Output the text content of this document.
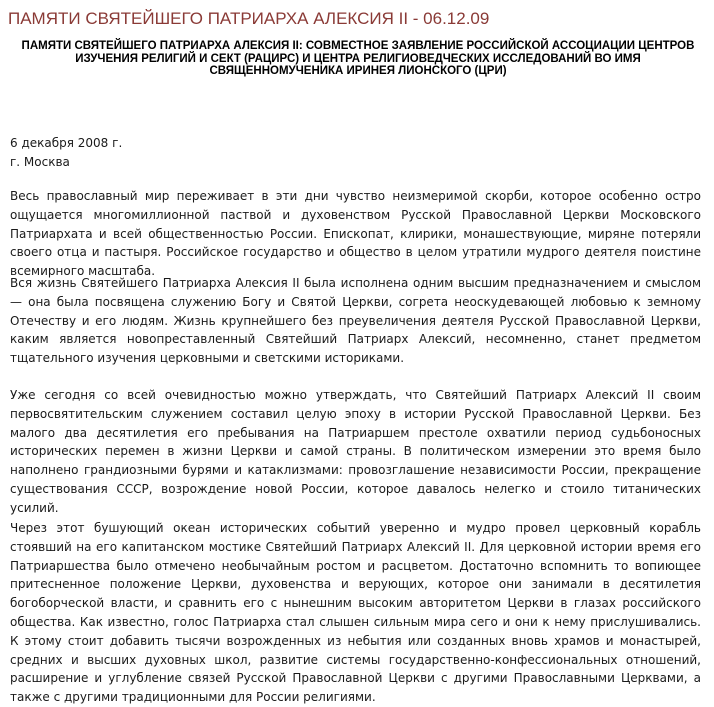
ПАМЯТИ СВЯТЕЙШЕГО ПАТРИАРХА АЛЕКСИЯ II - 06.12.09
ПАМЯТИ СВЯТЕЙШЕГО ПАТРИАРХА АЛЕКСИЯ II: СОВМЕСТНОЕ ЗАЯВЛЕНИЕ РОССИЙСКОЙ АССОЦИАЦИИ ЦЕНТРОВ ИЗУЧЕНИЯ РЕЛИГИЙ И СЕКТ (РАЦИРС) И ЦЕНТРА РЕЛИГИОВЕДЧЕСКИХ ИССЛЕДОВАНИЙ ВО ИМЯ СВЯЩЕННОМУЧЕНИКА ИРИНЕЯ ЛИОНСКОГО (ЦРИ)
6 декабря 2008 г.
г. Москва

Весь православный мир переживает в эти дни чувство неизмеримой скорби, которое особенно остро ощущается многомиллионной паствой и духовенством Русской Православной Церкви Московского Патриархата и всей общественностью России. Епископат, клирики, монашествующие, миряне потеряли своего отца и пастыря. Российское государство и общество в целом утратили мудрого деятеля поистине всемирного масштаба.

Вся жизнь Святейшего Патриарха Алексия II была исполнена одним высшим предназначением и смыслом — она была посвящена служению Богу и Святой Церкви, согрета неоскудевающей любовью к земному Отечеству и его людям. Жизнь крупнейшего без преувеличения деятеля Русской Православной Церкви, каким является новопреставленный Святейший Патриарх Алексий, несомненно, станет предметом тщательного изучения церковными и светскими историками.

Уже сегодня со всей очевидностью можно утверждать, что Святейший Патриарх Алексий II своим первосвятительским служением составил целую эпоху в истории Русской Православной Церкви. Без малого два десятилетия его пребывания на Патриаршем престоле охватили период судьбоносных исторических перемен в жизни Церкви и самой страны. В политическом измерении это время было наполнено грандиозными бурями и катаклизмами: провозглашение независимости России, прекращение существования СССР, возрождение новой России, которое давалось нелегко и стоило титанических усилий.

Через этот бушующий океан исторических событий уверенно и мудро провел церковный корабль стоявший на его капитанском мостике Святейший Патриарх Алексий II. Для церковной истории время его Патриаршества было отмечено необычайным ростом и расцветом. Достаточно вспомнить то вопиющее притесненное положение Церкви, духовенства и верующих, которое они занимали в десятилетия богоборческой власти, и сравнить его с нынешним высоким авторитетом Церкви в глазах российского общества. Как известно, голос Патриарха стал слышен сильным мира сего и они к нему прислушивались. К этому стоит добавить тысячи возрожденных из небытия или созданных вновь храмов и монастырей, средних и высших духовных школ, развитие системы государственно-конфессиональных отношений, расширение и углубление связей Русской Православной Церкви с другими Православными Церквами, а также с другими традиционными для России религиями.
